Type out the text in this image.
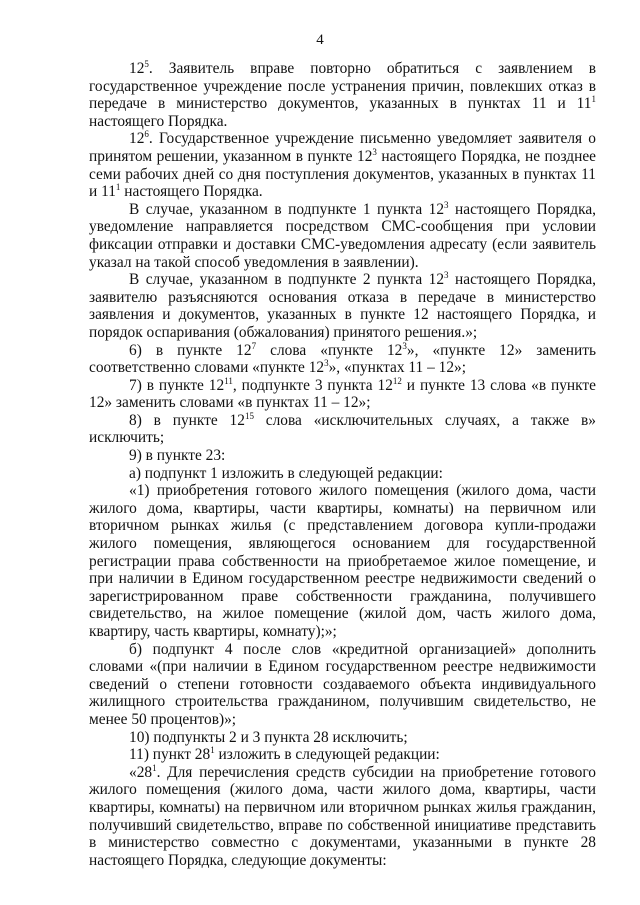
4

$12^5$. Заявитель вправе повторно обратиться с заявлением в государственное учреждение после устранения причин, повлекших отказ в передаче в министерство документов, указанных в пунктах 11 и $11^1$ настоящего Порядка.

$12^6$. Государственное учреждение письменно уведомляет заявителя о принятом решении, указанном в пункте $12^3$ настоящего Порядка, не позднее семи рабочих дней со дня поступления документов, указанных в пунктах 11 и $11^1$ настоящего Порядка.

В случае, указанном в подпункте 1 пункта $12^3$ настоящего Порядка, уведомление направляется посредством СМС-сообщения при условии фиксации отправки и доставки СМС-уведомления адресату (если заявитель указал на такой способ уведомления в заявлении).

В случае, указанном в подпункте 2 пункта $12^3$ настоящего Порядка, заявителю разъясняются основания отказа в передаче в министерство заявления и документов, указанных в пункте 12 настоящего Порядка, и порядок оспаривания (обжалования) принятого решения.»;

6) в пункте $12^7$ слова «пункте $12^3$», «пункте 12» заменить соответственно словами «пункте $12^3$», «пунктах 11 – 12»;

7) в пункте $12^{11}$, подпункте 3 пункта $12^{12}$ и пункте 13 слова «в пункте 12» заменить словами «в пунктах 11 – 12»;

8) в пункте $12^{15}$ слова «исключительных случаях, а также в» исключить;

9) в пункте 23:

а) подпункт 1 изложить в следующей редакции:

«1) приобретения готового жилого помещения (жилого дома, части жилого дома, квартиры, части квартиры, комнаты) на первичном или вторичном рынках жилья (с представлением договора купли-продажи жилого помещения, являющегося основанием для государственной регистрации права собственности на приобретаемое жилое помещение, и при наличии в Едином государственном реестре недвижимости сведений о зарегистрированном праве собственности гражданина, получившего свидетельство, на жилое помещение (жилой дом, часть жилого дома, квартиру, часть квартиры, комнату);»;

б) подпункт 4 после слов «кредитной организацией» дополнить словами «(при наличии в Едином государственном реестре недвижимости сведений о степени готовности создаваемого объекта индивидуального жилищного строительства гражданином, получившим свидетельство, не менее 50 процентов)»;

10) подпункты 2 и 3 пункта 28 исключить;

11) пункт $28^1$ изложить в следующей редакции:

«$28^1$. Для перечисления средств субсидии на приобретение готового жилого помещения (жилого дома, части жилого дома, квартиры, части квартиры, комнаты) на первичном или вторичном рынках жилья гражданин, получивший свидетельство, вправе по собственной инициативе представить в министерство совместно с документами, указанными в пункте 28 настоящего Порядка, следующие документы:
